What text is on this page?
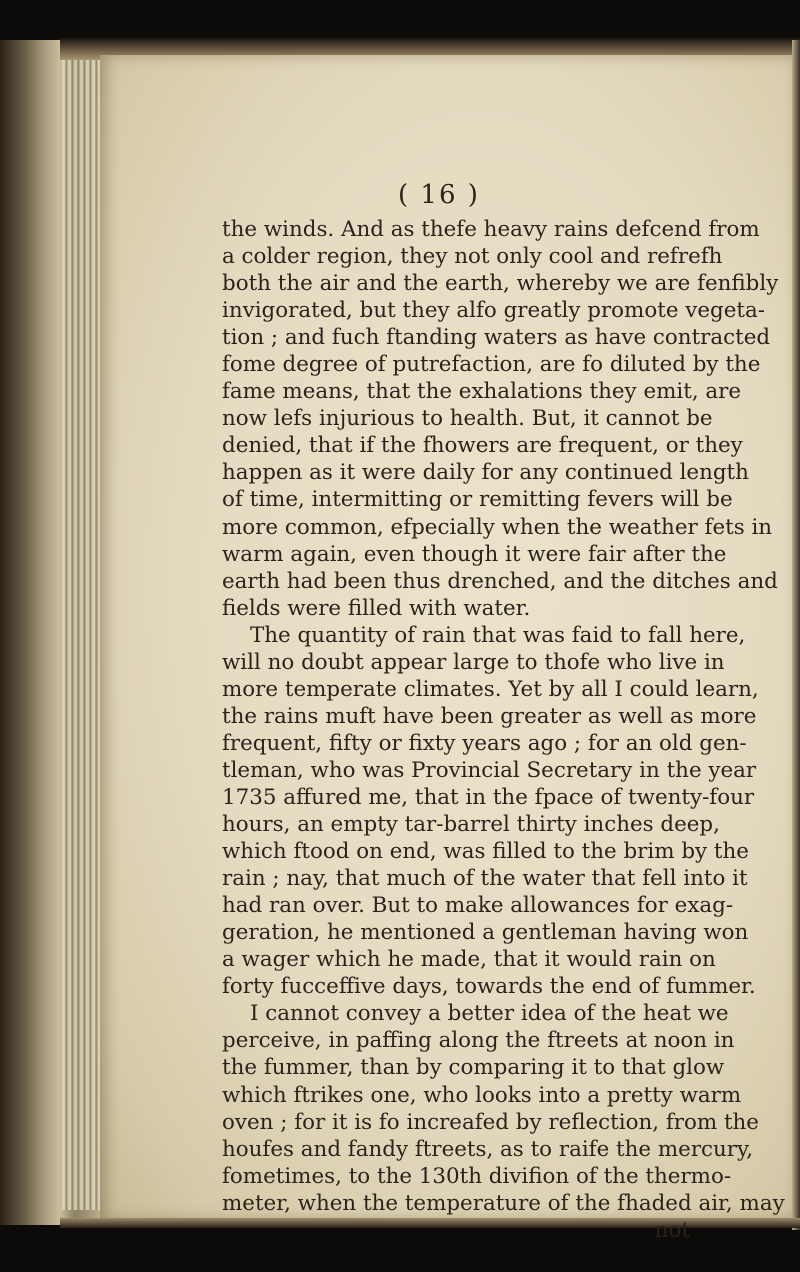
( 16 )

the winds. And as thefe heavy rains defcend from
a colder region, they not only cool and refrefh
both the air and the earth, whereby we are fenfibly
invigorated, but they alfo greatly promote vegeta-
tion ; and fuch ftanding waters as have contracted
fome degree of putrefaction, are fo diluted by the
fame means, that the exhalations they emit, are
now lefs injurious to health. But, it cannot be
denied, that if the fhowers are frequent, or they
happen as it were daily for any continued length
of time, intermitting or remitting fevers will be
more common, efpecially when the weather fets in
warm again, even though it were fair after the
earth had been thus drenched, and the ditches and
fields were filled with water.
The quantity of rain that was faid to fall here,
will no doubt appear large to thofe who live in
more temperate climates. Yet by all I could learn,
the rains muft have been greater as well as more
frequent, fifty or fixty years ago ; for an old gen-
tleman, who was Provincial Secretary in the year
1735 affured me, that in the fpace of twenty-four
hours, an empty tar-barrel thirty inches deep,
which ftood on end, was filled to the brim by the
rain ; nay, that much of the water that fell into it
had ran over. But to make allowances for exag-
geration, he mentioned a gentleman having won
a wager which he made, that it would rain on
forty fucceffive days, towards the end of fummer.
I cannot convey a better idea of the heat we
perceive, in paffing along the ftreets at noon in
the fummer, than by comparing it to that glow
which ftrikes one, who looks into a pretty warm
oven ; for it is fo increafed by reflection, from the
houfes and fandy ftreets, as to raife the mercury,
fometimes, to the 130th divifion of the thermo-
meter, when the temperature of the fhaded air, may
not
